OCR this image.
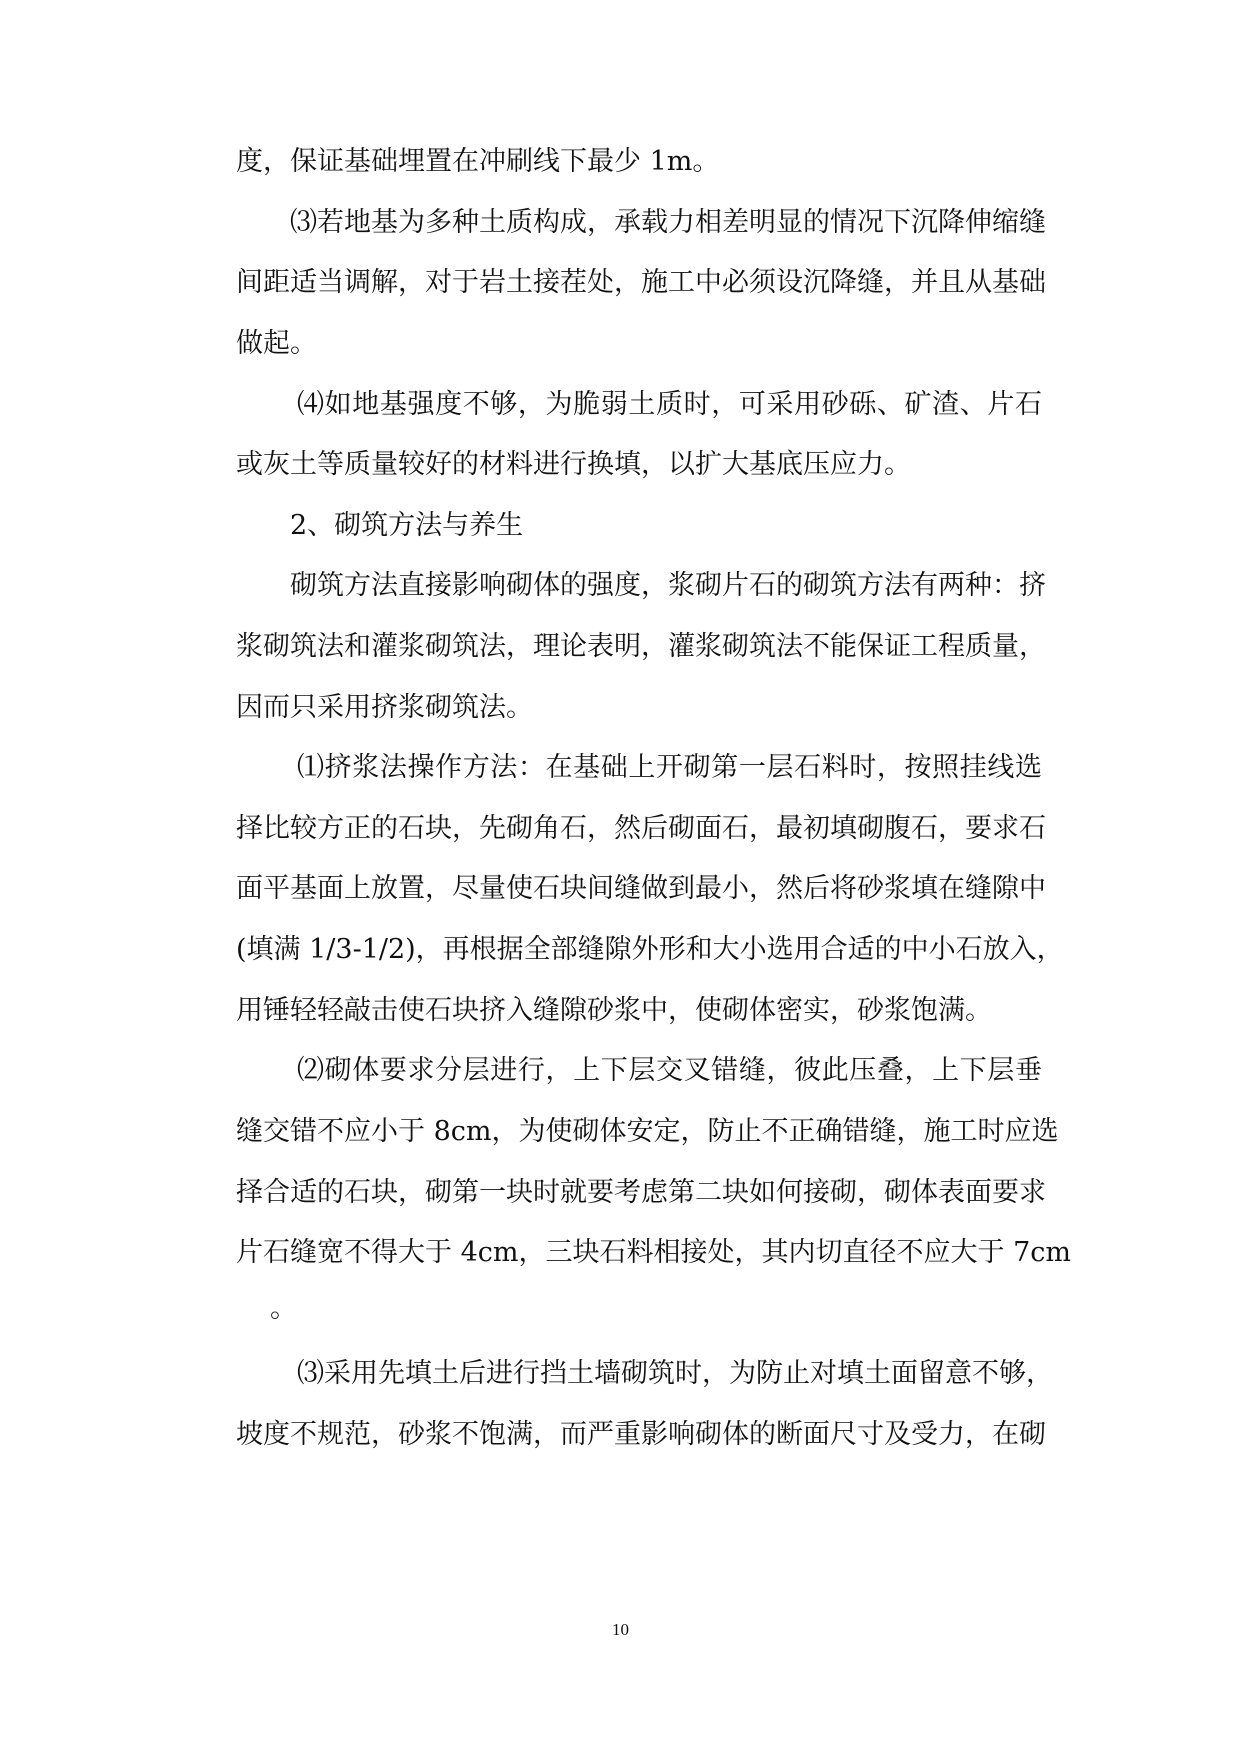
度，保证基础埋置在冲刷线下最少 1m。
⑶若地基为多种土质构成，承载力相差明显的情况下沉降伸缩缝
间距适当调解，对于岩土接茬处，施工中必须设沉降缝，并且从基础
做起。
⑷如地基强度不够，为脆弱土质时，可采用砂砾、矿渣、片石
或灰土等质量较好的材料进行换填，以扩大基底压应力。
2、砌筑方法与养生
砌筑方法直接影响砌体的强度，浆砌片石的砌筑方法有两种：挤
浆砌筑法和灌浆砌筑法，理论表明，灌浆砌筑法不能保证工程质量，
因而只采用挤浆砌筑法。
⑴挤浆法操作方法：在基础上开砌第一层石料时，按照挂线选
择比较方正的石块，先砌角石，然后砌面石，最初填砌腹石，要求石
面平基面上放置，尽量使石块间缝做到最小，然后将砂浆填在缝隙中
(填满 1/3-1/2)，再根据全部缝隙外形和大小选用合适的中小石放入，
用锤轻轻敲击使石块挤入缝隙砂浆中，使砌体密实，砂浆饱满。
⑵砌体要求分层进行，上下层交叉错缝，彼此压叠，上下层垂
缝交错不应小于 8cm，为使砌体安定，防止不正确错缝，施工时应选
择合适的石块，砌第一块时就要考虑第二块如何接砌，砌体表面要求
片石缝宽不得大于 4cm，三块石料相接处，其内切直径不应大于 7cm
。
⑶采用先填土后进行挡土墙砌筑时，为防止对填土面留意不够，
坡度不规范，砂浆不饱满，而严重影响砌体的断面尺寸及受力，在砌
10
